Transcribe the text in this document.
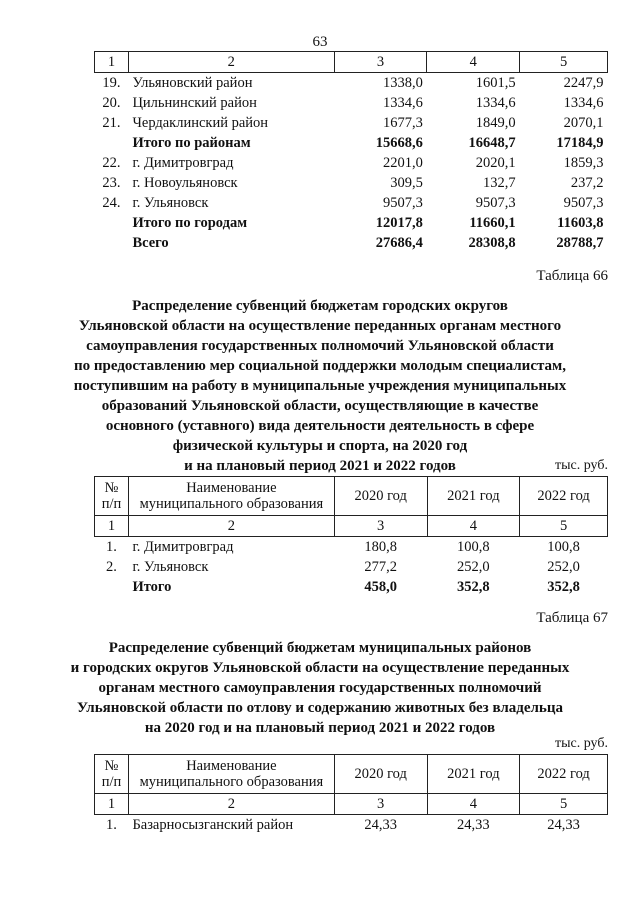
63
1	2	3	4	5
19.	Ульяновский район	1338,0	1601,5	2247,9
20.	Цильнинский район	1334,6	1334,6	1334,6
21.	Чердаклинский район	1677,3	1849,0	2070,1
	Итого по районам	15668,6	16648,7	17184,9
22.	г. Димитровград	2201,0	2020,1	1859,3
23.	г. Новоульяновск	309,5	132,7	237,2
24.	г. Ульяновск	9507,3	9507,3	9507,3
	Итого по городам	12017,8	11660,1	11603,8
	Всего	27686,4	28308,8	28788,7
Таблица 66
Распределение субвенций бюджетам городских округов
Ульяновской области на осуществление переданных органам местного
самоуправления государственных полномочий Ульяновской области
по предоставлению мер социальной поддержки молодым специалистам,
поступившим на работу в муниципальные учреждения муниципальных
образований Ульяновской области, осуществляющие в качестве
основного (уставного) вида деятельности деятельность в сфере
физической культуры и спорта, на 2020 год
и на плановый период 2021 и 2022 годов	тыс. руб.
№
п/п	Наименование
муниципального образования	2020 год	2021 год	2022 год
1	2	3	4	5
1.	г. Димитровград	180,8	100,8	100,8
2.	г. Ульяновск	277,2	252,0	252,0
	Итого	458,0	352,8	352,8
Таблица 67
Распределение субвенций бюджетам муниципальных районов
и городских округов Ульяновской области на осуществление переданных
органам местного самоуправления государственных полномочий
Ульяновской области по отлову и содержанию животных без владельца
на 2020 год и на плановый период 2021 и 2022 годов
тыс. руб.
№
п/п	Наименование
муниципального образования	2020 год	2021 год	2022 год
1	2	3	4	5
1.	Базарносызганский район	24,33	24,33	24,33
